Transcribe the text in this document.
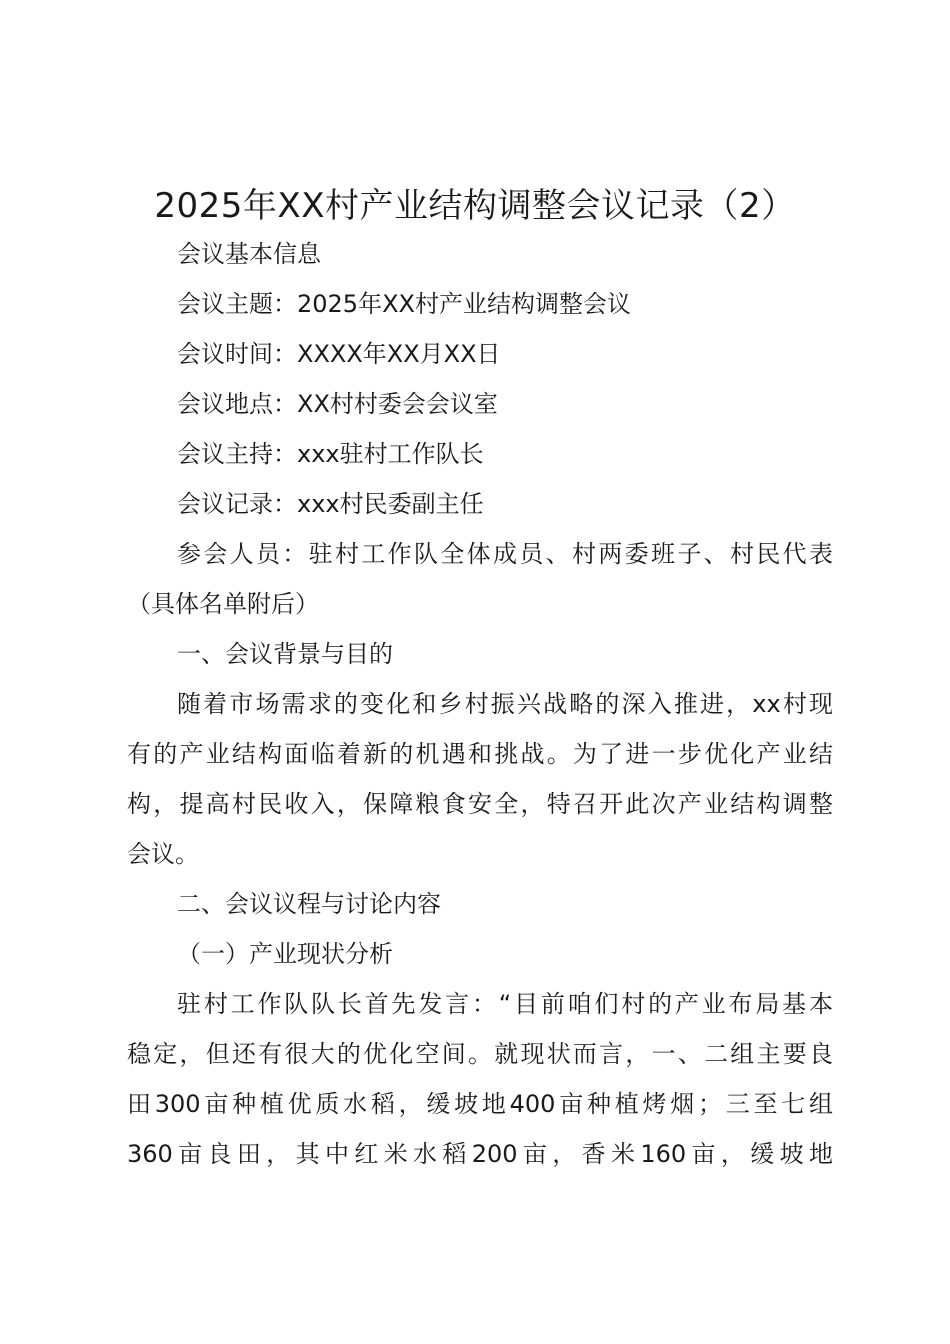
2025年XX村产业结构调整会议记录（2）
会议基本信息
会议主题：2025年XX村产业结构调整会议
会议时间：XXXX年XX月XX日
会议地点：XX村村委会会议室
会议主持：xxx驻村工作队长
会议记录：xxx村民委副主任
参会人员：驻村工作队全体成员、村两委班子、村民代表
（具体名单附后）
一、会议背景与目的
随着市场需求的变化和乡村振兴战略的深入推进，xx村现
有的产业结构面临着新的机遇和挑战。为了进一步优化产业结
构，提高村民收入，保障粮食安全，特召开此次产业结构调整
会议。
二、会议议程与讨论内容
（一）产业现状分析
驻村工作队队长首先发言：“目前咱们村的产业布局基本
稳定，但还有很大的优化空间。就现状而言，一、二组主要良
田300亩种植优质水稻，缓坡地400亩种植烤烟；三至七组
360亩良田，其中红米水稻200亩，香米160亩，缓坡地
